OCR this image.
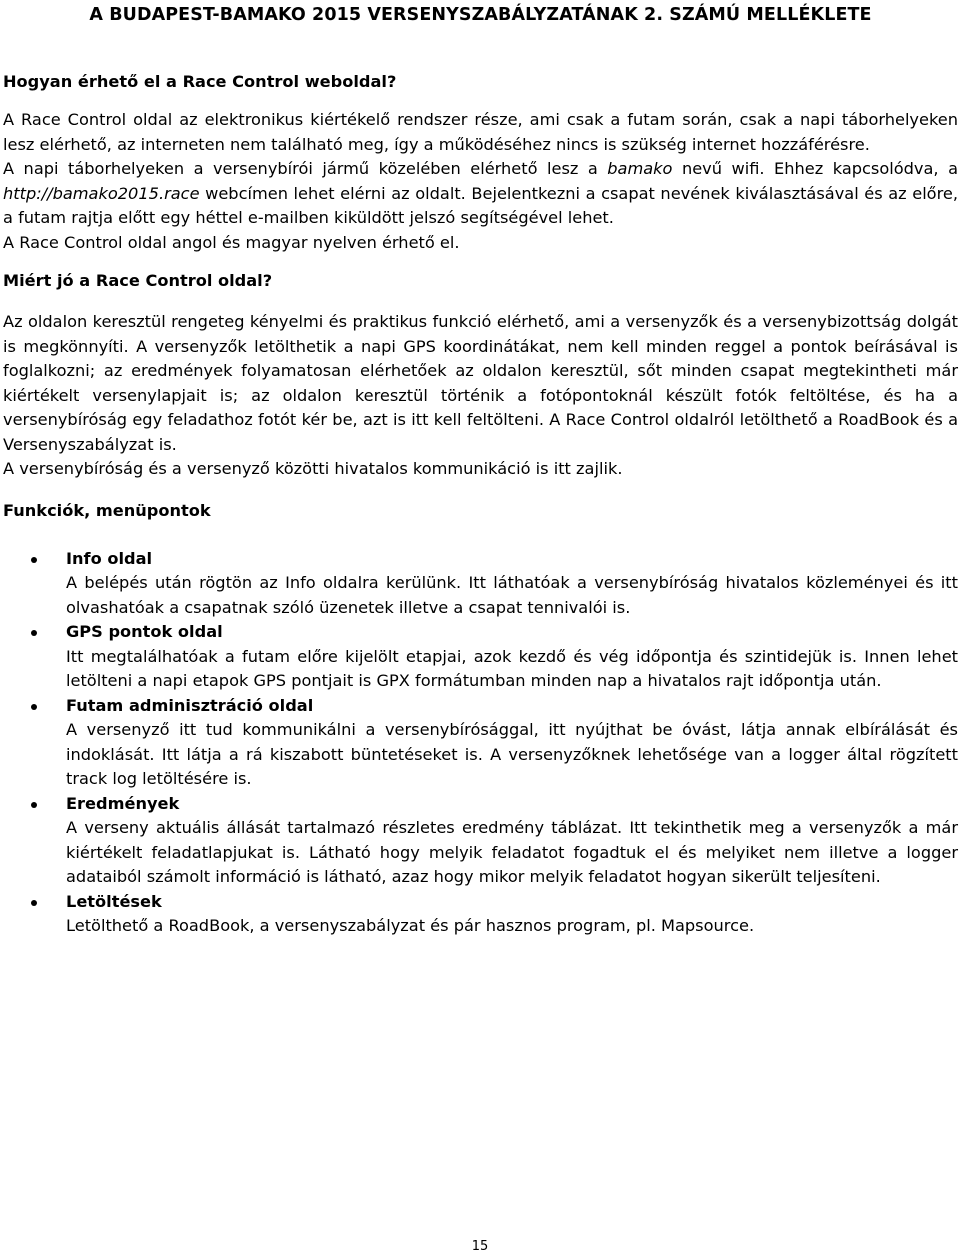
A BUDAPEST-BAMAKO 2015 VERSENYSZABÁLYZATÁNAK 2. SZÁMÚ MELLÉKLETE
Hogyan érhető el a Race Control weboldal?

A Race Control oldal az elektronikus kiértékelő rendszer része, ami csak a futam során, csak a napi táborhelyeken lesz elérhető, az interneten nem található meg, így a működéséhez nincs is szükség internet hozzáférésre.

A napi táborhelyeken a versenybírói jármű közelében elérhető lesz a bamako nevű wifi. Ehhez kapcsolódva, a http://bamako2015.race webcímen lehet elérni az oldalt. Bejelentkezni a csapat nevének kiválasztásával és az előre, a futam rajtja előtt egy héttel e-mailben kiküldött jelszó segítségével lehet.

A Race Control oldal angol és magyar nyelven érhető el.

Miért jó a Race Control oldal?

Az oldalon keresztül rengeteg kényelmi és praktikus funkció elérhető, ami a versenyzők és a versenybizottság dolgát is megkönnyíti. A versenyzők letölthetik a napi GPS koordinátákat, nem kell minden reggel a pontok beírásával is foglalkozni; az eredmények folyamatosan elérhetőek az oldalon keresztül, sőt minden csapat megtekintheti már kiértékelt versenylapjait is; az oldalon keresztül történik a fotópontoknál készült fotók feltöltése, és ha a versenybíróság egy feladathoz fotót kér be, azt is itt kell feltölteni. A Race Control oldalról letölthető a RoadBook és a Versenyszabályzat is.

A versenybíróság és a versenyző közötti hivatalos kommunikáció is itt zajlik.

Funkciók, menüpontok
Info oldal
A belépés után rögtön az Info oldalra kerülünk. Itt láthatóak a versenybíróság hivatalos közleményei és itt olvashatóak a csapatnak szóló üzenetek illetve a csapat tennivalói is.
GPS pontok oldal
Itt megtalálhatóak a futam előre kijelölt etapjai, azok kezdő és vég időpontja és szintidejük is. Innen lehet letölteni a napi etapok GPS pontjait is GPX formátumban minden nap a hivatalos rajt időpontja után.
Futam adminisztráció oldal
A versenyző itt tud kommunikálni a versenybírósággal, itt nyújthat be óvást, látja annak elbírálását és indoklását. Itt látja a rá kiszabott büntetéseket is. A versenyzőknek lehetősége van a logger által rögzített track log letöltésére is.
Eredmények
A verseny aktuális állását tartalmazó részletes eredmény táblázat. Itt tekinthetik meg a versenyzők a már kiértékelt feladatlapjukat is. Látható hogy melyik feladatot fogadtuk el és melyiket nem illetve a logger adataiból számolt információ is látható, azaz hogy mikor melyik feladatot hogyan sikerült teljesíteni.
Letöltések
Letölthető a RoadBook, a versenyszabályzat és pár hasznos program, pl. Mapsource.
15
